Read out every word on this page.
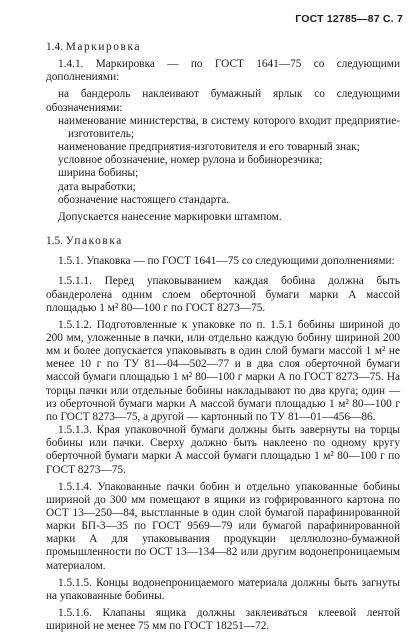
ГОСТ 12785—87 С. 7
1.4. Маркировка

1.4.1. Маркировка — по ГОСТ 1641—75 со следующими дополнениями:

на бандероль наклеивают бумажный ярлык со следующими обозначениями:

наименование министерства, в систему которого входит предприятие-изготовитель;

наименование предприятия-изготовителя и его товарный знак;

условное обозначение, номер рулона и бобинорезчика;

ширина бобины;

дата выработки;

обозначение настоящего стандарта.

Допускается нанесение маркировки штампом.

1.5. Упаковка

1.5.1. Упаковка — по ГОСТ 1641—75 со следующими дополнениями:

1.5.1.1. Перед упаковыванием каждая бобина должна быть обандеролена одним слоем оберточной бумаги марки А массой площадью 1 м² 80—100 г по ГОСТ 8273—75.

1.5.1.2. Подготовленные к упаковке по п. 1.5.1 бобины шириной до 200 мм, уложенные в пачки, или отдельно каждую бобину шириной 200 мм и более допускается упаковывать в один слой бумаги массой 1 м² не менее 10 г по ТУ 81—04—502—77 и в два слоя оберточной бумаги массой бумаги площадью 1 м² 80—100 г марки А по ГОСТ 8273—75. На торцы пачки или отдельные бобины накладывают по два круга; один — из оберточной бумаги марки А массой бумаги площадью 1 м² 80—100 г по ГОСТ 8273—75, а другой — картонный по ТУ 81—01—456—86.

1.5.1.3. Края упаковочной бумаги должны быть завернуты на торцы бобины или пачки. Сверху должно быть наклеено по одному кругу оберточной бумаги марки А массой бумаги площадью 1 м² 80—100 г по ГОСТ 8273—75.

1.5.1.4. Упакованные пачки бобин и отдельно упакованные бобины шириной до 300 мм помещают в ящики из гофрированного картона по ОСТ 13—250—84, выстланные в один слой бумагой парафинированной марки БП-3—35 по ГОСТ 9569—79 или бумагой парафинированной марки А для упаковывания продукции целлюлозно-бумажной промышленности по ОСТ 13—134—82 или другим водонепроницаемым материалом.

1.5.1.5. Концы водонепроницаемого материала должны быть загнуты на упакованные бобины.

1.5.1.6. Клапаны ящика должны заклеиваться клеевой лентой шириной не менее 75 мм по ГОСТ 18251—72.
